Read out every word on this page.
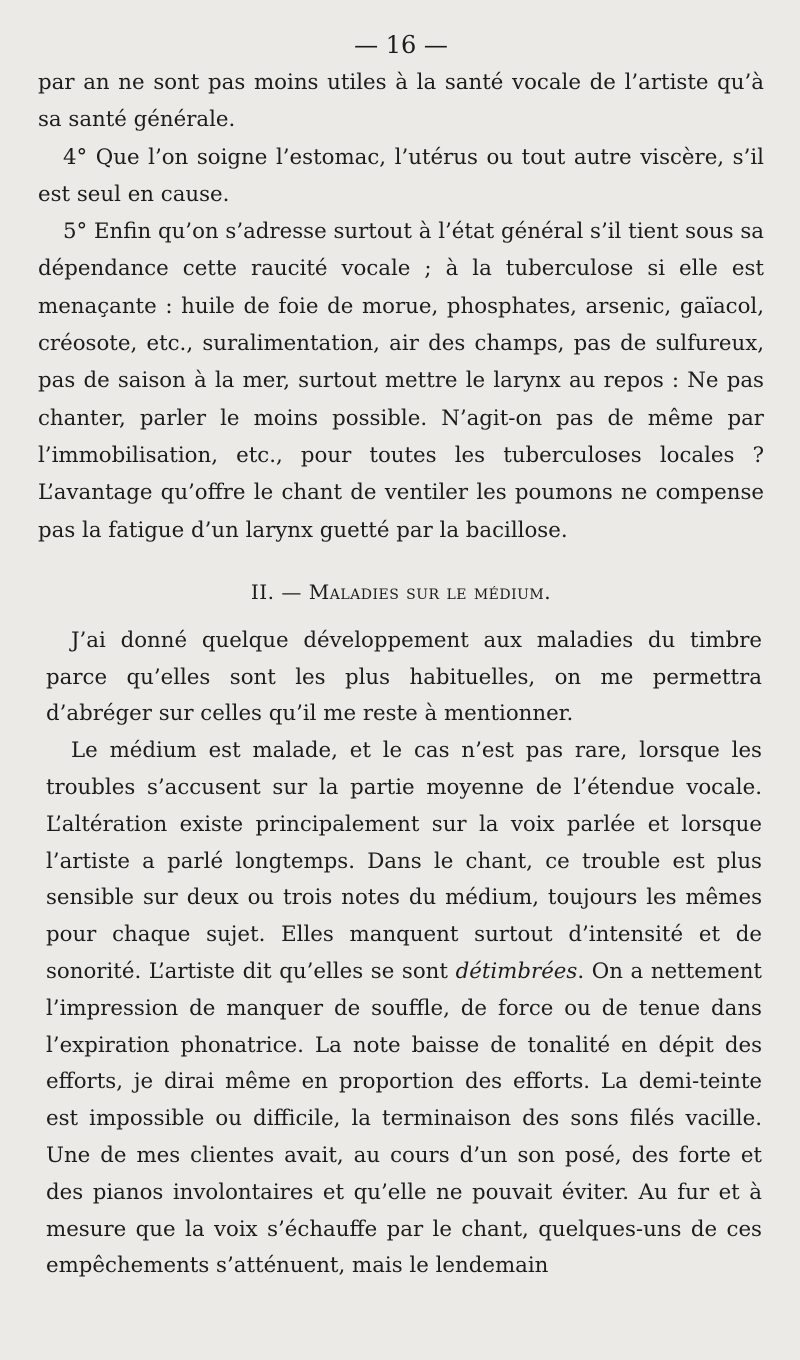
— 16 —

par an ne sont pas moins utiles à la santé vocale de l’artiste qu’à sa santé générale.

4° Que l’on soigne l’estomac, l’utérus ou tout autre viscère, s’il est seul en cause.

5° Enfin qu’on s’adresse surtout à l’état général s’il tient sous sa dépendance cette raucité vocale ; à la tuberculose si elle est menaçante : huile de foie de morue, phosphates, arsenic, gaïacol, créosote, etc., suralimentation, air des champs, pas de sulfureux, pas de saison à la mer, surtout mettre le larynx au repos : Ne pas chanter, parler le moins possible. N’agit-on pas de même par l’immobilisation, etc., pour toutes les tuberculoses locales ? L’avantage qu’offre le chant de ventiler les poumons ne compense pas la fatigue d’un larynx guetté par la bacillose.

II. — Maladies sur le médium.

J’ai donné quelque développement aux maladies du timbre parce qu’elles sont les plus habituelles, on me permettra d’abréger sur celles qu’il me reste à mentionner.

Le médium est malade, et le cas n’est pas rare, lorsque les troubles s’accusent sur la partie moyenne de l’étendue vocale. L’altération existe principalement sur la voix parlée et lorsque l’artiste a parlé longtemps. Dans le chant, ce trouble est plus sensible sur deux ou trois notes du médium, toujours les mêmes pour chaque sujet. Elles manquent surtout d’intensité et de sonorité. L’artiste dit qu’elles se sont détimbrées. On a nettement l’impression de manquer de souffle, de force ou de tenue dans l’expiration phonatrice. La note baisse de tonalité en dépit des efforts, je dirai même en proportion des efforts. La demi-teinte est impossible ou difficile, la terminaison des sons filés vacille. Une de mes clientes avait, au cours d’un son posé, des forte et des pianos involontaires et qu’elle ne pouvait éviter. Au fur et à mesure que la voix s’échauffe par le chant, quelques-uns de ces empêchements s’atténuent, mais le lendemain
